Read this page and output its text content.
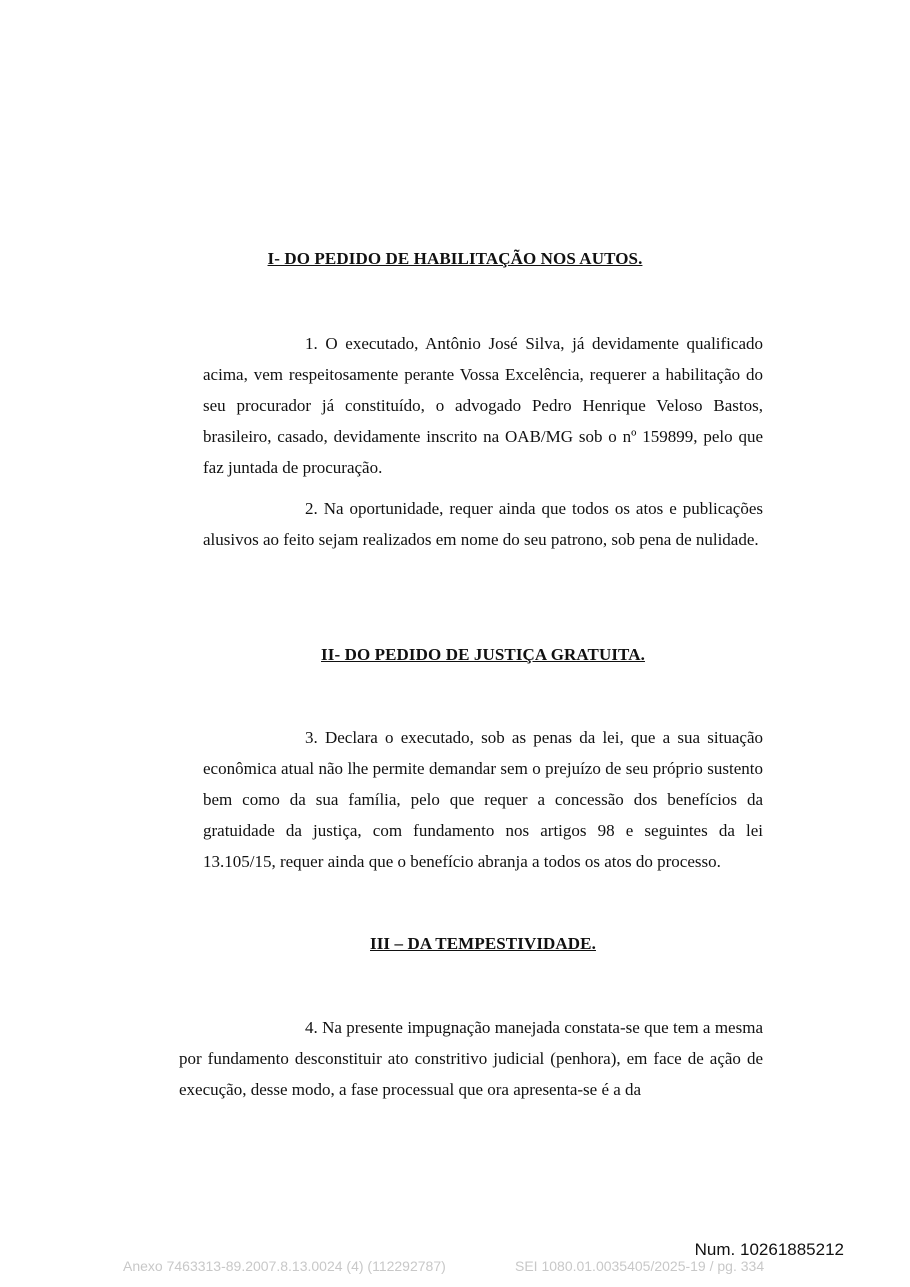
I- DO PEDIDO DE HABILITAÇÃO NOS AUTOS.

1. O executado, Antônio José Silva, já devidamente qualificado acima, vem respeitosamente perante Vossa Excelência, requerer a habilitação do seu procurador já constituído, o advogado Pedro Henrique Veloso Bastos, brasileiro, casado, devidamente inscrito na OAB/MG sob o nº 159899, pelo que faz juntada de procuração.

2. Na oportunidade, requer ainda que todos os atos e publicações alusivos ao feito sejam realizados em nome do seu patrono, sob pena de nulidade.

II- DO PEDIDO DE JUSTIÇA GRATUITA.

3. Declara o executado, sob as penas da lei, que a sua situação econômica atual não lhe permite demandar sem o prejuízo de seu próprio sustento bem como da sua família, pelo que requer a concessão dos benefícios da gratuidade da justiça, com fundamento nos artigos 98 e seguintes da lei 13.105/15, requer ainda que o benefício abranja a todos os atos do processo.

III – DA TEMPESTIVIDADE.

4. Na presente impugnação manejada constata-se que tem a mesma por fundamento desconstituir ato constritivo judicial (penhora), em face de ação de execução, desse modo, a fase processual que ora apresenta-se é a da

Num. 10261885212
Anexo 7463313-89.2007.8.13.0024 (4) (112292787)	SEI 1080.01.0035405/2025-19 / pg. 334
